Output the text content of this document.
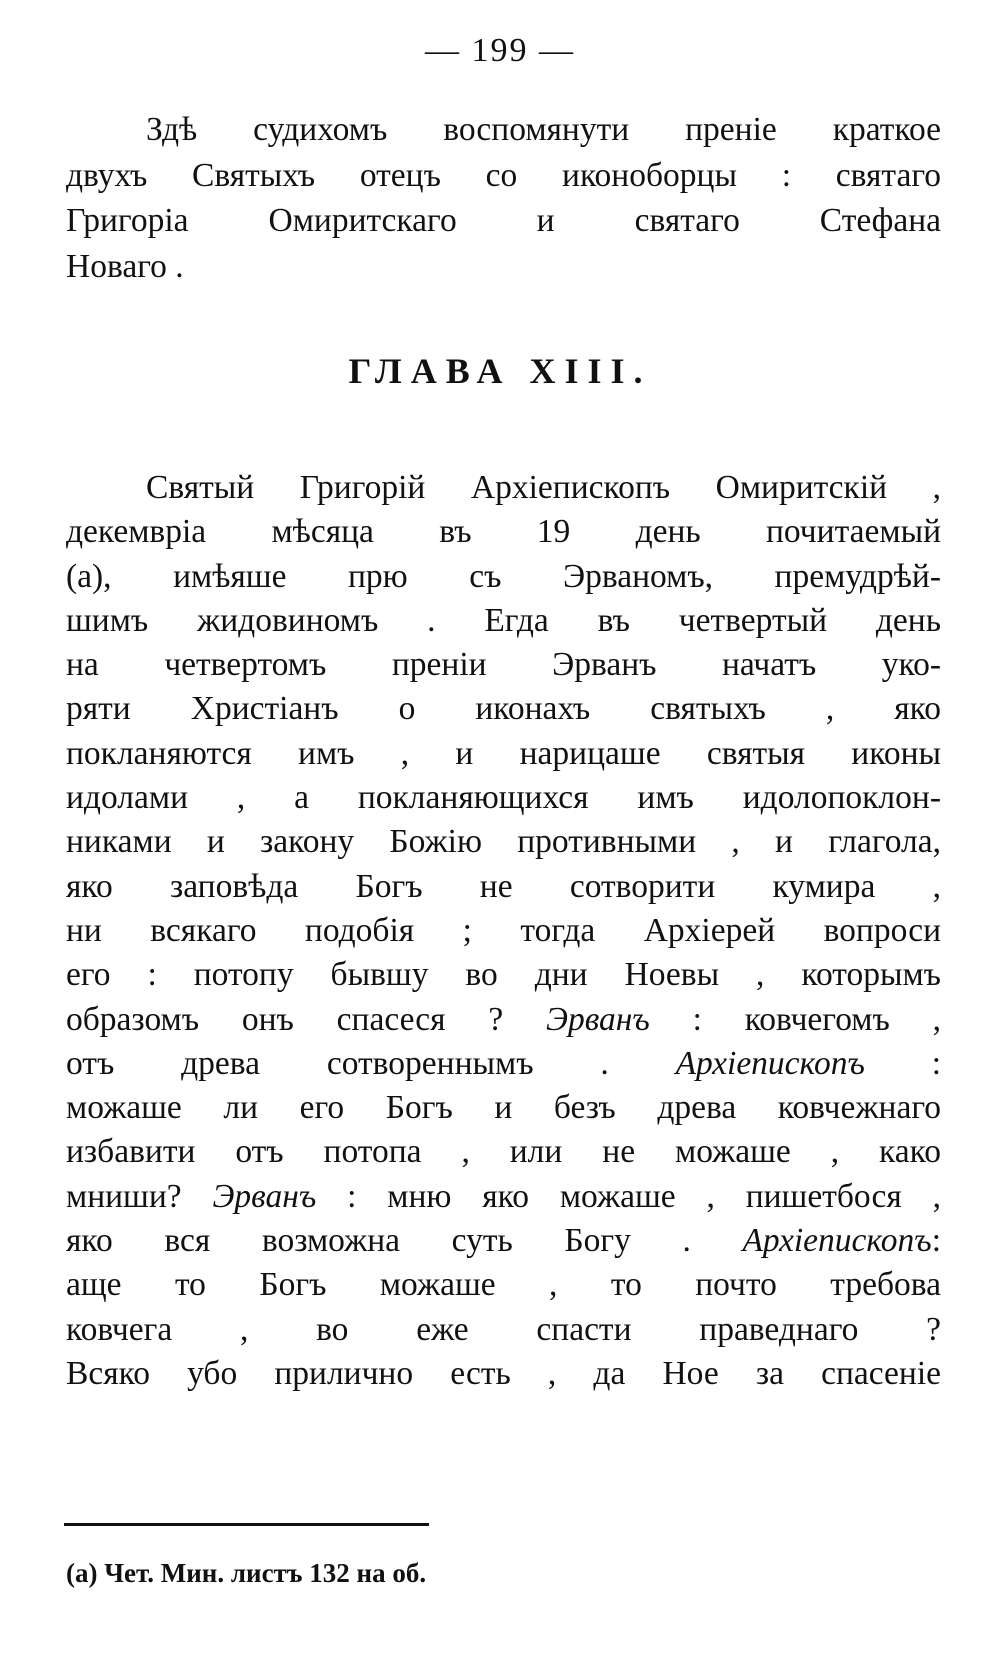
— 199 —
Здѣ судихомъ воспомянути преніе краткое
двухъ Святыхъ отецъ со иконоборцы : святаго
Григоріа Омиритскаго и святаго Стефана
Новаго .
ГЛАВА XIII.
Святый Григорій Архіепископъ Омиритскій ,
декемвріа мѣсяца въ 19 день почитаемый
(а), имѣяше прю съ Эрваномъ, премудрѣй-
шимъ жидовиномъ . Егда въ четвертый день
на четвертомъ преніи Эрванъ начатъ уко-
ряти Христіанъ о иконахъ святыхъ , яко
покланяются имъ , и нарицаше святыя иконы
идолами , а покланяющихся имъ идолопоклон-
никами и закону Божію противными , и глагола,
яко заповѣда Богъ не сотворити кумира ,
ни всякаго подобія ; тогда Архіерей вопроси
его : потопу бывшу во дни Ноевы , которымъ
образомъ онъ спасеся ? Эрванъ : ковчегомъ ,
отъ древа сотвореннымъ . Архіепископъ :
можаше ли его Богъ и безъ древа ковчежнаго
избавити отъ потопа , или не можаше , како
мниши? Эрванъ : мню яко можаше , пишетбося ,
яко вся возможна суть Богу . Архіепископъ:
аще то Богъ можаше , то почто требова
ковчега , во еже спасти праведнаго ?
Всяко убо прилично есть , да Ное за спасеніе
(а) Чет. Мин. листъ 132 на об.
